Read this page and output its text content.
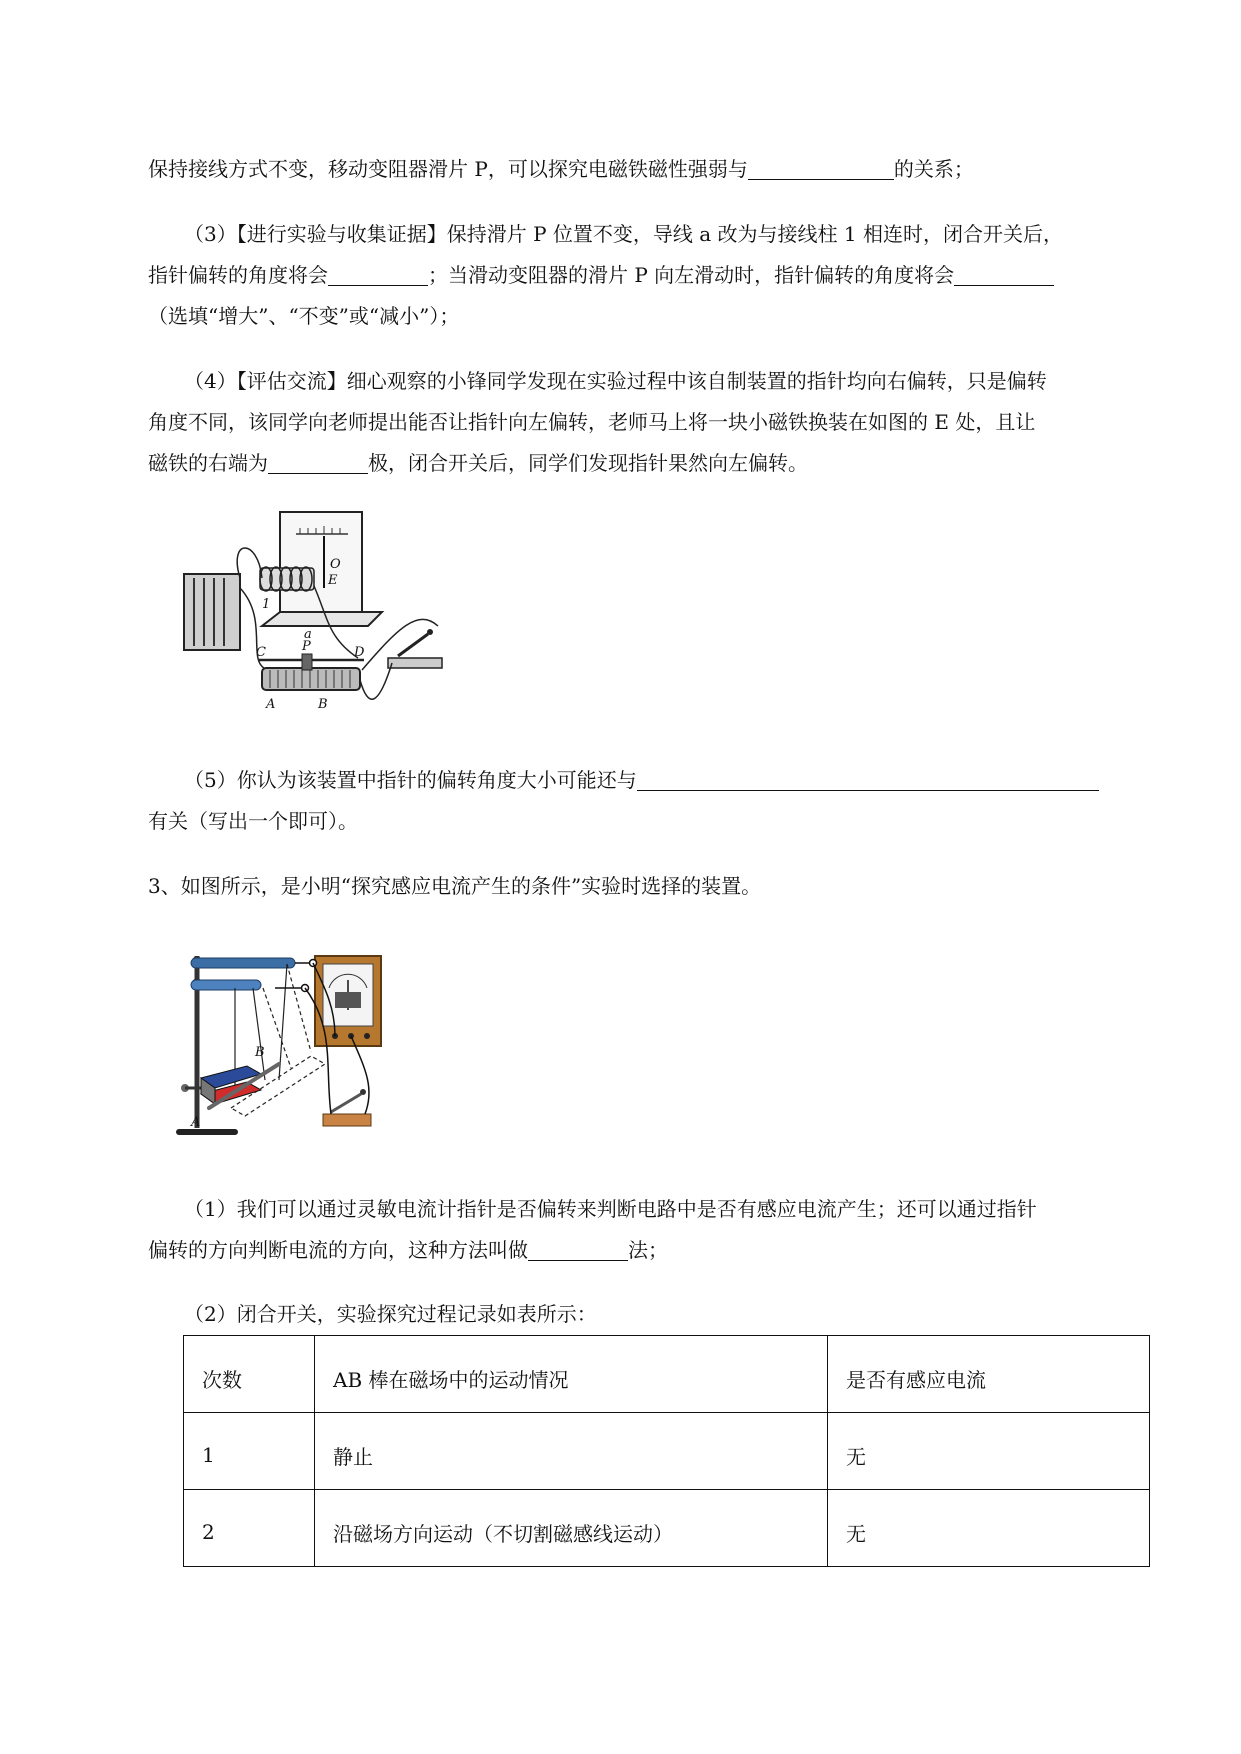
保持接线方式不变，移动变阻器滑片 P，可以探究电磁铁磁性强弱与	的关系；
（3）【进行实验与收集证据】保持滑片 P 位置不变，导线 a 改为与接线柱 1 相连时，闭合开关后，
指针偏转的角度将会	；当滑动变阻器的滑片 P 向左滑动时，指针偏转的角度将会
（选填“增大”、“不变”或“减小”）；
（4）【评估交流】细心观察的小锋同学发现在实验过程中该自制装置的指针均向右偏转，只是偏转
角度不同，该同学向老师提出能否让指针向左偏转，老师马上将一块小磁铁换装在如图的 E 处，且让
磁铁的右端为	极，闭合开关后，同学们发现指针果然向左偏转。
O
E
1
a
C	P	D
A	B
（5）你认为该装置中指针的偏转角度大小可能还与
有关（写出一个即可）。
3、如图所示，是小明“探究感应电流产生的条件”实验时选择的装置。
A
B
（1）我们可以通过灵敏电流计指针是否偏转来判断电路中是否有感应电流产生；还可以通过指针
偏转的方向判断电流的方向，这种方法叫做	法；
（2）闭合开关，实验探究过程记录如表所示：
次数	AB 棒在磁场中的运动情况	是否有感应电流
1	静止	无
2	沿磁场方向运动（不切割磁感线运动）	无
